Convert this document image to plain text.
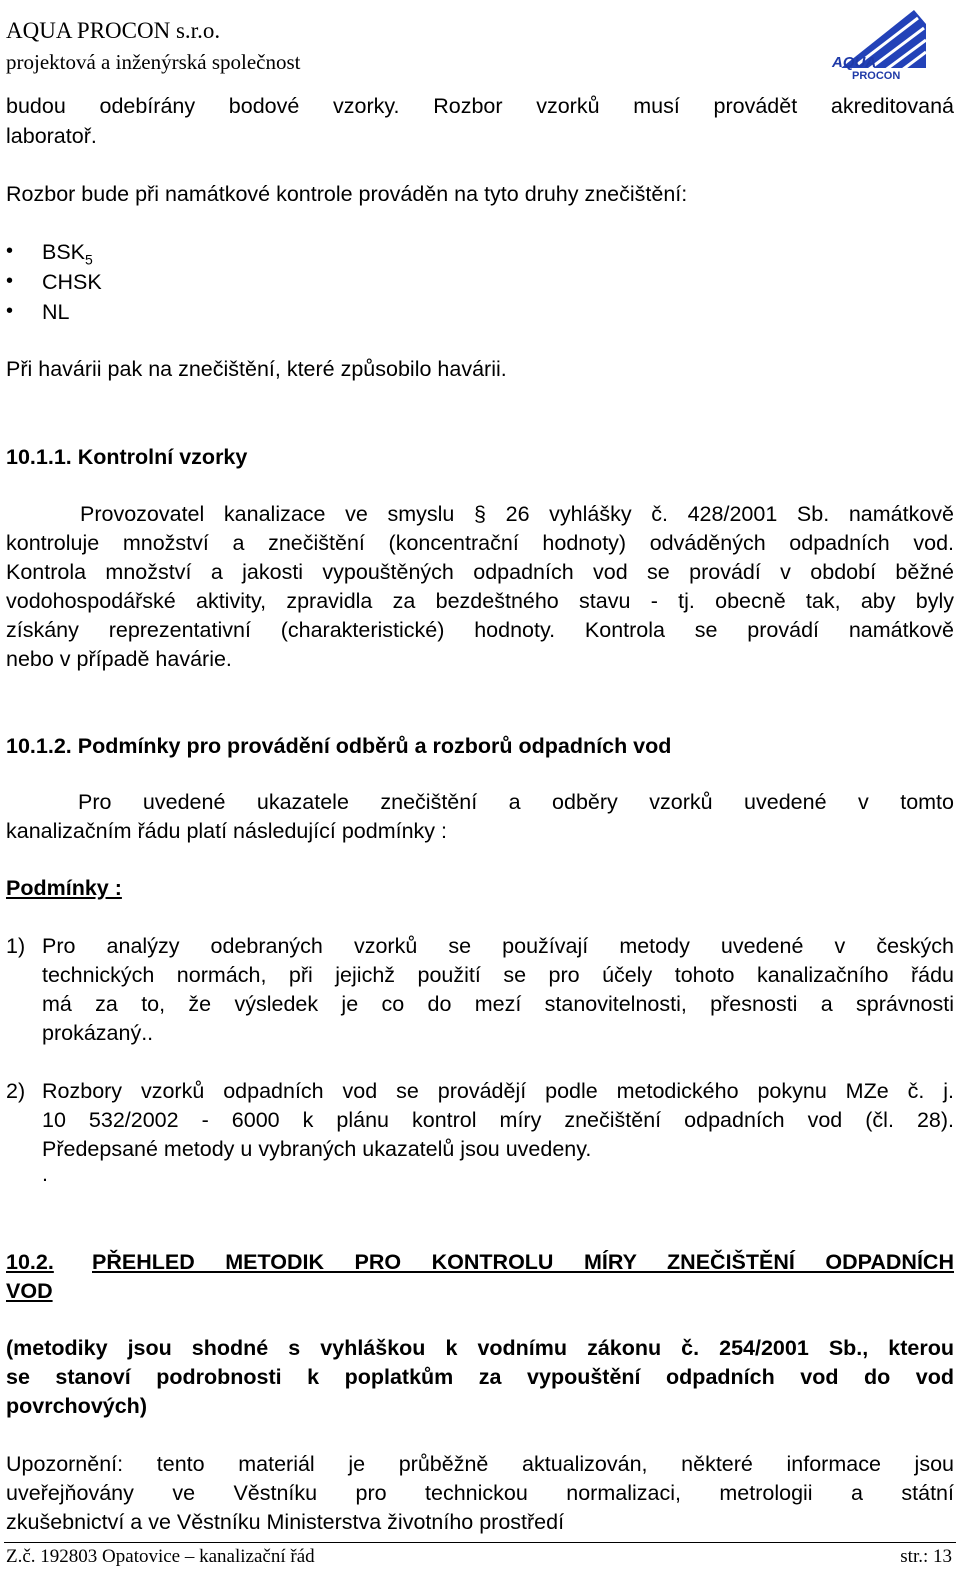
AQUA PROCON s.r.o.
projektová a inženýrská společnost	AQUA
PROCON
budou odebírány bodové vzorky. Rozbor vzorků musí provádět akreditovaná
laboratoř.
Rozbor bude při namátkové kontrole prováděn na tyto druhy znečištění:
• $BSK_5$
• CHSK
• NL
Při havárii pak na znečištění, které způsobilo havárii.
10.1.1. Kontrolní vzorky
Provozovatel kanalizace ve smyslu § 26 vyhlášky č. 428/2001 Sb. namátkově
kontroluje množství a znečištění (koncentrační hodnoty) odváděných odpadních vod.
Kontrola množství a jakosti vypouštěných odpadních vod se provádí v období běžné
vodohospodářské aktivity, zpravidla za bezdeštného stavu - tj. obecně tak, aby byly
získány reprezentativní (charakteristické) hodnoty. Kontrola se provádí namátkově
nebo v případě havárie.
10.1.2. Podmínky pro provádění odběrů a rozborů odpadních vod
Pro uvedené ukazatele znečištění a odběry vzorků uvedené v tomto
kanalizačním řádu platí následující podmínky :
Podmínky :
1) Pro analýzy odebraných vzorků se používají metody uvedené v českých
technických normách, při jejichž použití se pro účely tohoto kanalizačního řádu
má za to, že výsledek je co do mezí stanovitelnosti, přesnosti a správnosti
prokázaný..
2) Rozbory vzorků odpadních vod se provádějí podle metodického pokynu MZe č. j.
10 532/2002 - 6000 k plánu kontrol míry znečištění odpadních vod (čl. 28).
Předepsané metody u vybraných ukazatelů jsou uvedeny.
.
10.2. PŘEHLED METODIK PRO KONTROLU MÍRY ZNEČIŠTĚNÍ ODPADNÍCH
VOD
(metodiky jsou shodné s vyhláškou k vodnímu zákonu č. 254/2001 Sb., kterou
se stanoví podrobnosti k poplatkům za vypouštění odpadních vod do vod
povrchových)
Upozornění: tento materiál je průběžně aktualizován, některé informace jsou
uveřejňovány ve Věstníku pro technickou normalizaci, metrologii a státní
zkušebnictví a ve Věstníku Ministerstva životního prostředí
Z.č. 192803 Opatovice – kanalizační řád	str.: 13
